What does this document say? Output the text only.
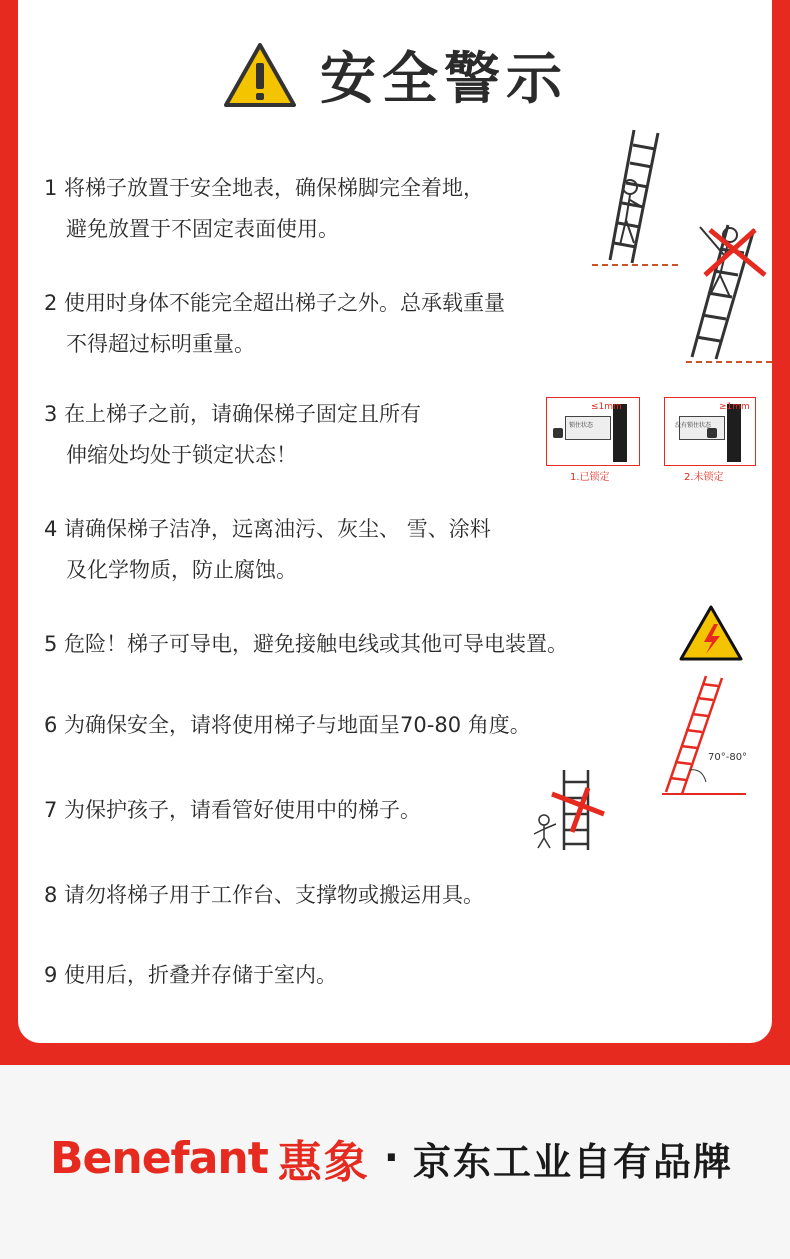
安全警示
1 将梯子放置于安全地表，确保梯脚完全着地，
避免放置于不固定表面使用。
2 使用时身体不能完全超出梯子之外。总承载重量
不得超过标明重量。
3 在上梯子之前，请确保梯子固定且所有
伸缩处均处于锁定状态！
4 请确保梯子洁净，远离油污、灰尘、 雪、涂料
及化学物质，防止腐蚀。
5 危险！梯子可导电，避免接触电线或其他可导电装置。
6 为确保安全，请将使用梯子与地面呈70-80 角度。
7 为保护孩子，请看管好使用中的梯子。
8 请勿将梯子用于工作台、支撑物或搬运用具。
9 使用后，折叠并存储于室内。
≤1mm
锁住状态
1.已锁定
≥1mm
没有锁住状态
2.未锁定
70°-80°
Benefant 惠象 · 京东工业自有品牌
